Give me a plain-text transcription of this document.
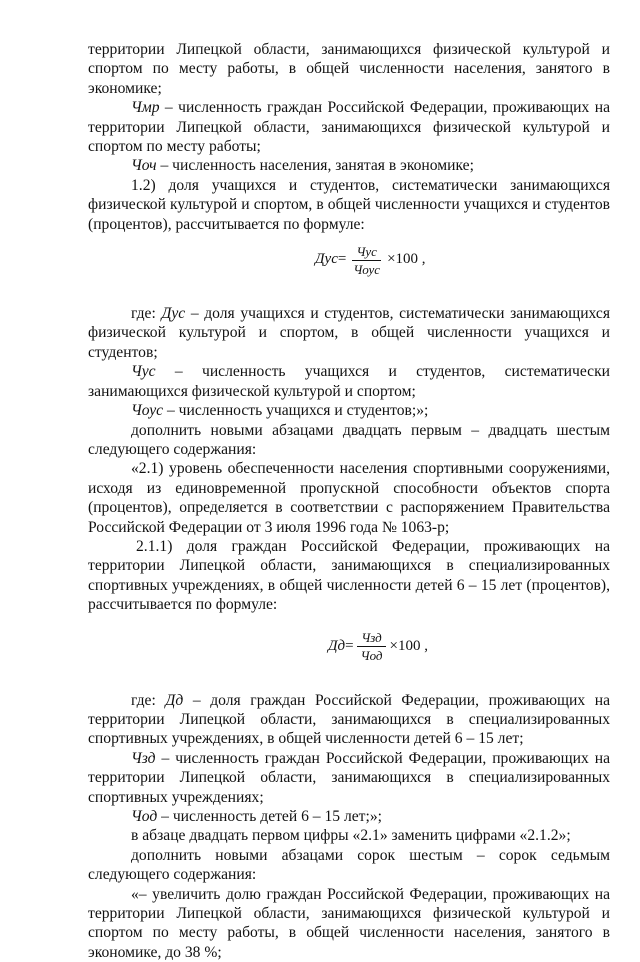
территории Липецкой области, занимающихся физической культурой и спортом по месту работы, в общей численности населения, занятого в экономике;

Чмр – численность граждан Российской Федерации, проживающих на территории Липецкой области, занимающихся физической культурой и спортом по месту работы;

Чоч – численность населения, занятая в экономике;

1.2) доля учащихся и студентов, систематически занимающихся физической культурой и спортом, в общей численности учащихся и студентов (процентов), рассчитывается по формуле:

Дус = $\frac{\text{Чус}}{\text{Чоус}} \times 100$ ,

где: Дус – доля учащихся и студентов, систематически занимающихся физической культурой и спортом, в общей численности учащихся и студентов;

Чус – численность учащихся и студентов, систематически занимающихся физической культурой и спортом;

Чоус – численность учащихся и студентов;»;

дополнить новыми абзацами двадцать первым – двадцать шестым следующего содержания:

«2.1) уровень обеспеченности населения спортивными сооружениями, исходя из единовременной пропускной способности объектов спорта (процентов), определяется в соответствии с распоряжением Правительства Российской Федерации от 3 июля 1996 года № 1063-р;

2.1.1) доля граждан Российской Федерации, проживающих на территории Липецкой области, занимающихся в специализированных спортивных учреждениях, в общей численности детей 6 – 15 лет (процентов), рассчитывается по формуле:

Дд = $\frac{\text{Чзд}}{\text{Чод}} \times 100$ ,

где: Дд – доля граждан Российской Федерации, проживающих на территории Липецкой области, занимающихся в специализированных спортивных учреждениях, в общей численности детей 6 – 15 лет;

Чзд – численность граждан Российской Федерации, проживающих на территории Липецкой области, занимающихся в специализированных спортивных учреждениях;

Чод – численность детей 6 – 15 лет;»;

в абзаце двадцать первом цифры «2.1» заменить цифрами «2.1.2»;

дополнить новыми абзацами сорок шестым – сорок седьмым следующего содержания:

«– увеличить долю граждан Российской Федерации, проживающих на территории Липецкой области, занимающихся физической культурой и спортом по месту работы, в общей численности населения, занятого в экономике, до 38 %;
